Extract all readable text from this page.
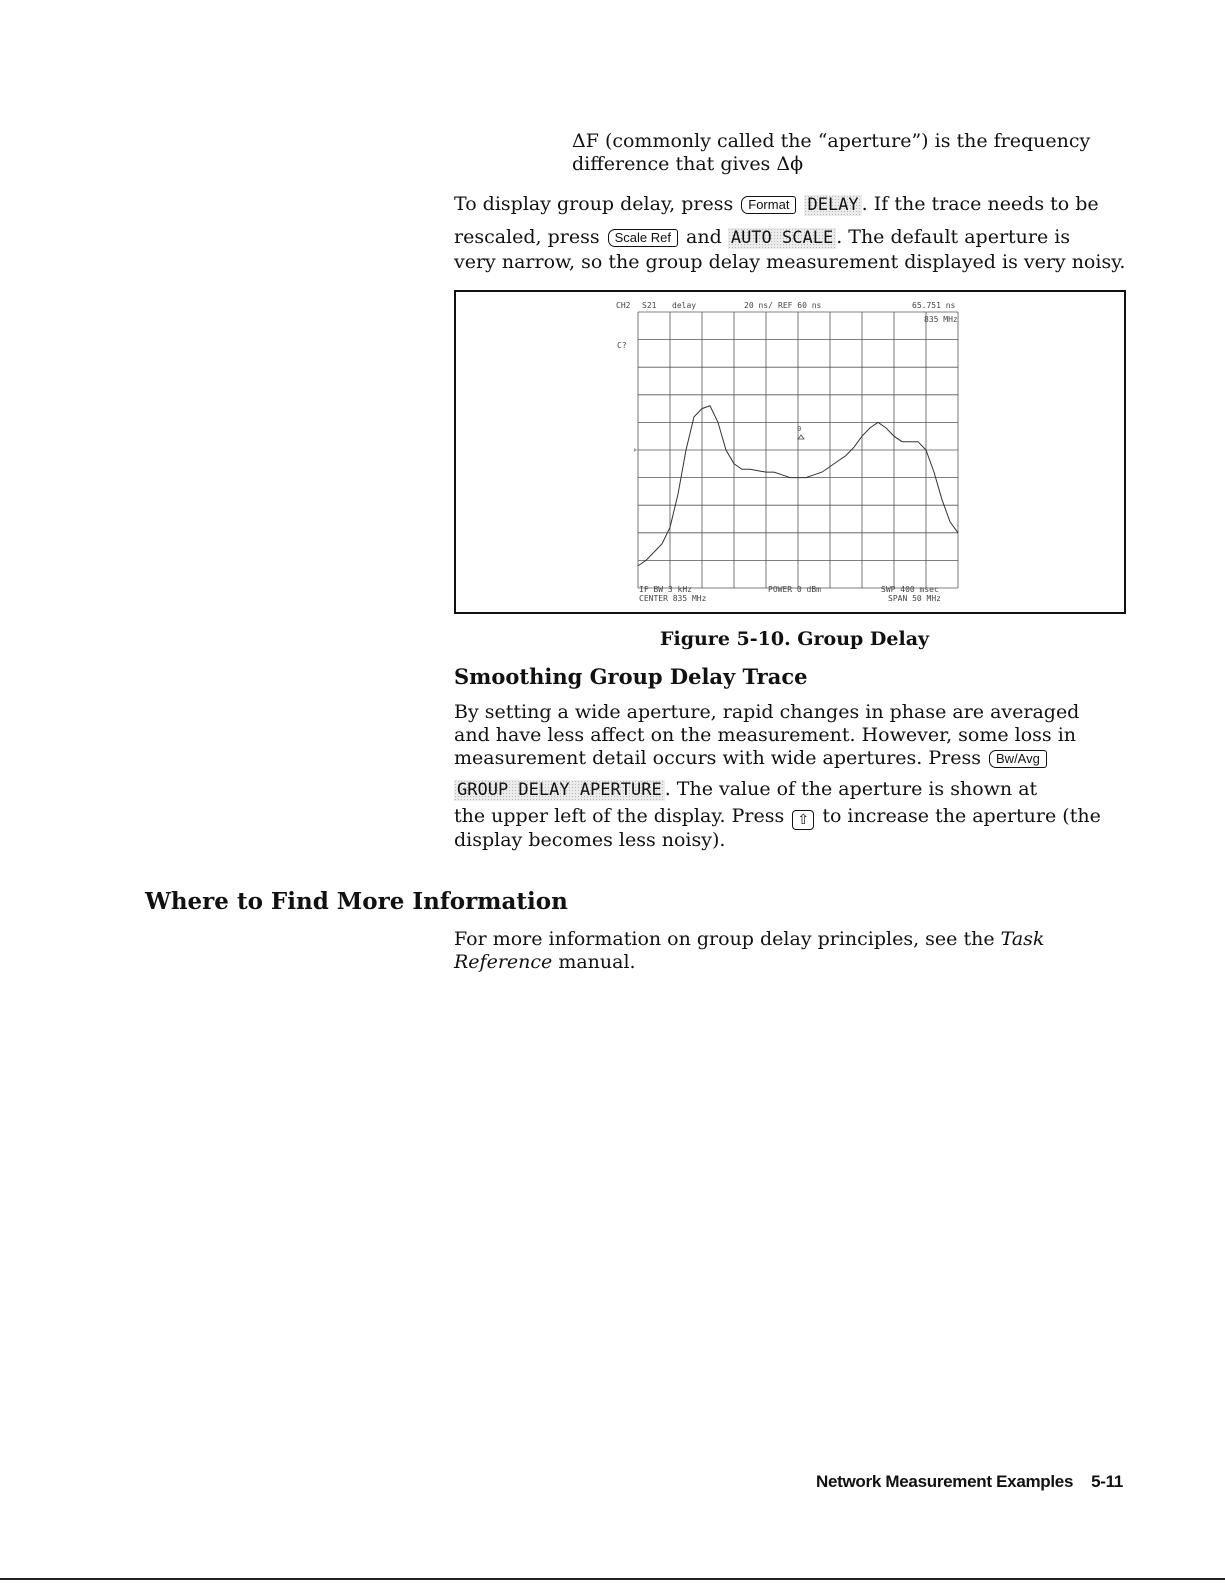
ΔF (commonly called the “aperture”) is the frequency
difference that gives Δϕ
To display group delay, press Format DELAY . If the trace needs to be
rescaled, press Scale Ref and AUTO SCALE . The default aperture is
very narrow, so the group delay measurement displayed is very noisy.
CH2 S21 delay	20 ns/ REF 60 ns	65.751 ns
835 MHz
C?
▹
0
IF BW 3 kHz	POWER 0 dBm	SWP 400 msec
CENTER 835 MHz	SPAN 50 MHz
Figure 5-10. Group Delay
Smoothing Group Delay Trace
By setting a wide aperture, rapid changes in phase are averaged
and have less affect on the measurement. However, some loss in
measurement detail occurs with wide apertures. Press Bw/Avg
GROUP DELAY APERTURE . The value of the aperture is shown at
the upper left of the display. Press ⇧ to increase the aperture (the
display becomes less noisy).
Where to Find More Information
For more information on group delay principles, see the Task
Reference manual.
Network Measurement Examples 5-11
